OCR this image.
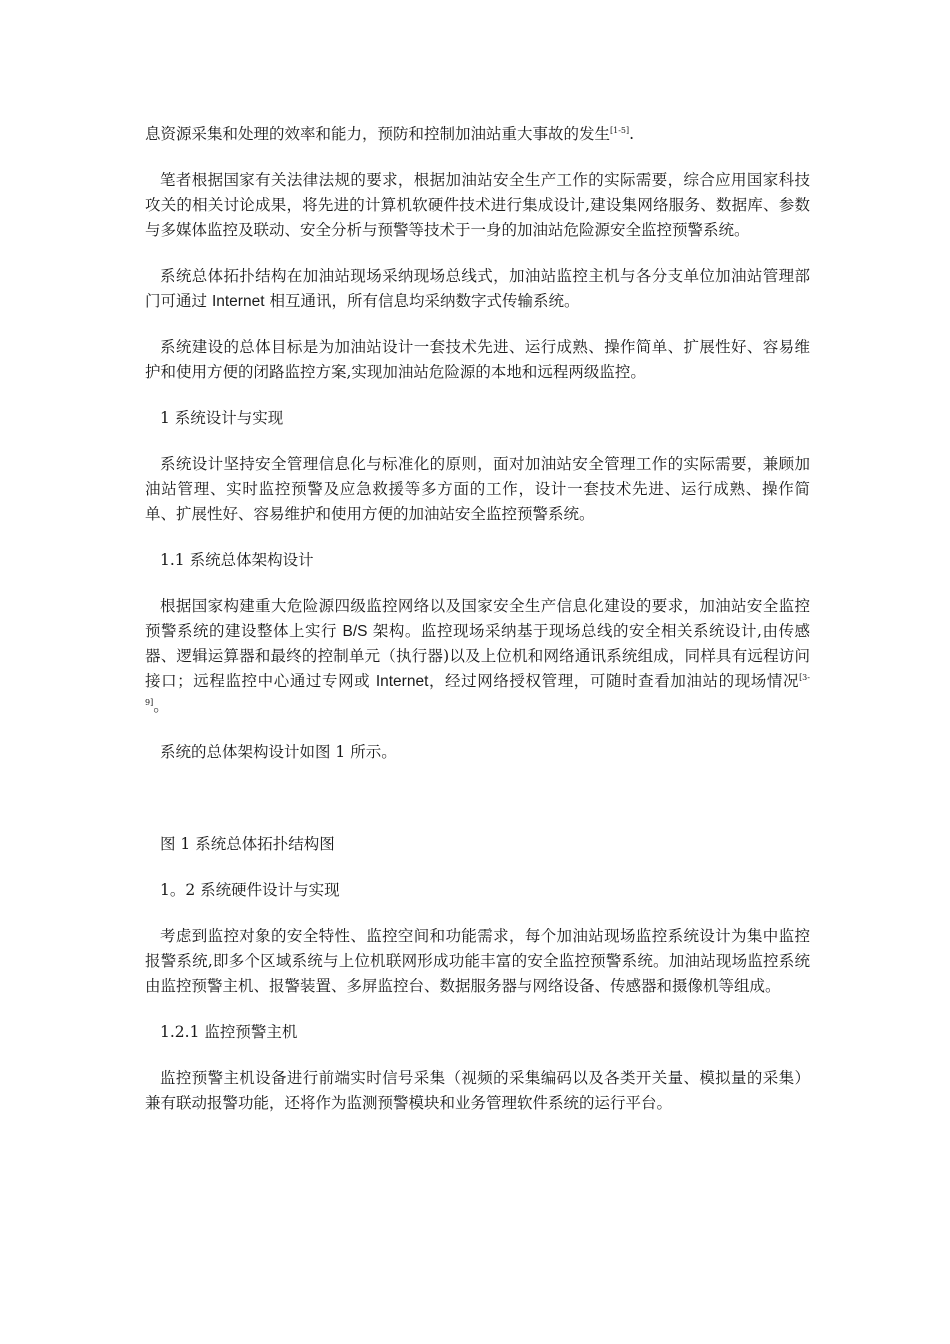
息资源采集和处理的效率和能力，预防和控制加油站重大事故的发生[1-5].

笔者根据国家有关法律法规的要求，根据加油站安全生产工作的实际需要，综合应用国家科技攻关的相关讨论成果，将先进的计算机软硬件技术进行集成设计,建设集网络服务、数据库、参数与多媒体监控及联动、安全分析与预警等技术于一身的加油站危险源安全监控预警系统。

系统总体拓扑结构在加油站现场采纳现场总线式，加油站监控主机与各分支单位加油站管理部门可通过 Internet 相互通讯，所有信息均采纳数字式传输系统。

系统建设的总体目标是为加油站设计一套技术先进、运行成熟、操作简单、扩展性好、容易维护和使用方便的闭路监控方案,实现加油站危险源的本地和远程两级监控。

1 系统设计与实现

系统设计坚持安全管理信息化与标准化的原则，面对加油站安全管理工作的实际需要，兼顾加油站管理、实时监控预警及应急救援等多方面的工作，设计一套技术先进、运行成熟、操作简单、扩展性好、容易维护和使用方便的加油站安全监控预警系统。

1.1 系统总体架构设计

根据国家构建重大危险源四级监控网络以及国家安全生产信息化建设的要求，加油站安全监控预警系统的建设整体上实行 B/S 架构。监控现场采纳基于现场总线的安全相关系统设计,由传感器、逻辑运算器和最终的控制单元（执行器)以及上位机和网络通讯系统组成，同样具有远程访问接口；远程监控中心通过专网或 Internet，经过网络授权管理，可随时查看加油站的现场情况[3-9]。

系统的总体架构设计如图 1 所示。

图 1 系统总体拓扑结构图
1。2 系统硬件设计与实现

考虑到监控对象的安全特性、监控空间和功能需求，每个加油站现场监控系统设计为集中监控报警系统,即多个区域系统与上位机联网形成功能丰富的安全监控预警系统。加油站现场监控系统由监控预警主机、报警装置、多屏监控台、数据服务器与网络设备、传感器和摄像机等组成。

1.2.1 监控预警主机

监控预警主机设备进行前端实时信号采集（视频的采集编码以及各类开关量、模拟量的采集）兼有联动报警功能，还将作为监测预警模块和业务管理软件系统的运行平台。
